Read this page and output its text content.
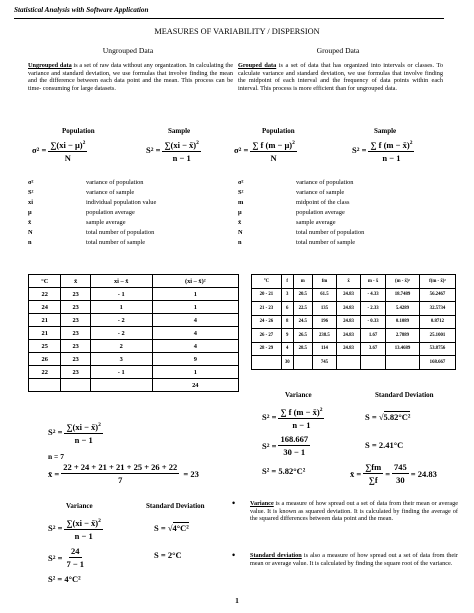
Statistical Analysis with Software Application
MEASURES OF VARIABILITY / DISPERSION
Ungrouped Data
Ungrouped data is a set of raw data without any organization. In calculating the variance and standard deviation, we use formulas that involve finding the mean and the difference between each data point and the mean. This process can be time- consuming for large datasets.
Grouped Data
Grouped data is a set of data that has organized into intervals or classes. To calculate variance and standard deviation, we use formulas that involve finding the midpoint of each interval and the frequency of data points within each interval. This process is more efficient than for ungrouped data.
Population	Sample	Population	Sample
σ $2 = \frac{\sum(xi - \mu)^2}{N}$	S $2 = \frac{\sum(xi - x̄)^2}{n - 1}$	σ $2 = \frac{\sum f (m - \mu)^2}{N}$	S $2 = \frac{\sum f (m - x̄)^2}{n - 1}$
σ²	variance of population
S²	variance of sample
xi	individual population value
μ	population average
x̄	sample average
N	total number of population
n	total number of sample
σ²	variance of population
S²	variance of sample
m	midpoint of the class
μ	population average
x̄	sample average
N	total number of population
n	total number of sample
°C	x̄	xi – x̄	(xi – x̄)²
22	23	- 1	1
24	23	1	1
21	23	- 2	4
21	23	- 2	4
25	23	2	4
26	23	3	9
22	23	- 1	1
			24
°C	f	m	fm	x̄	m - x̄	(m - x̄)²	f(m - x̄)²
20 - 21	3	20.5	61.5	24.83	- 4.33	18.7489	56.2467
21 - 23	6	22.5	135	24.83	- 2.33	5.4289	32.5734
24 - 26	8	24.5	196	24.83	- 0.33	0.1089	0.8712
26 - 27	9	26.5	238.5	24.83	1.67	2.7889	25.1001
28 - 29	4	28.5	114	24.83	3.67	13.4689	53.8756
	30		745				168.667
S $2 = \frac{\sum(xi - x̄)^2}{n - 1}$
n = 7
x̄ = $\frac{22 + 24 + 21 + 21 + 25 + 26 + 22}{7}$
= 23
Variance	Standard Deviation
S $2 = \frac{\sum f (m - x̄)^2}{n - 1}$	S = √ 5.82°C²
S $2 = \frac{168.667}{30 - 1}$	S = 2.41°C
S² = 5.82°C²	x̄ = $\frac{\sum fm}{\sum f} = \frac{745}{30} = 24.83$
Variance	Standard Deviation
S $2 = \frac{\sum(xi - x̄)^2}{n - 1}$	S = √ 4°C²
S $2 = \frac{24}{7 - 1}$	S = 2°C
S² = 4°C²
• Variance is a measure of how spread out a set of data from their mean or average value. It is known as squared deviation. It is calculated by finding the average of the squared differences between data point and the mean.
• Standard deviation is also a measure of how spread out a set of data from their mean or average value. It is calculated by finding the square root of the variance.
1
